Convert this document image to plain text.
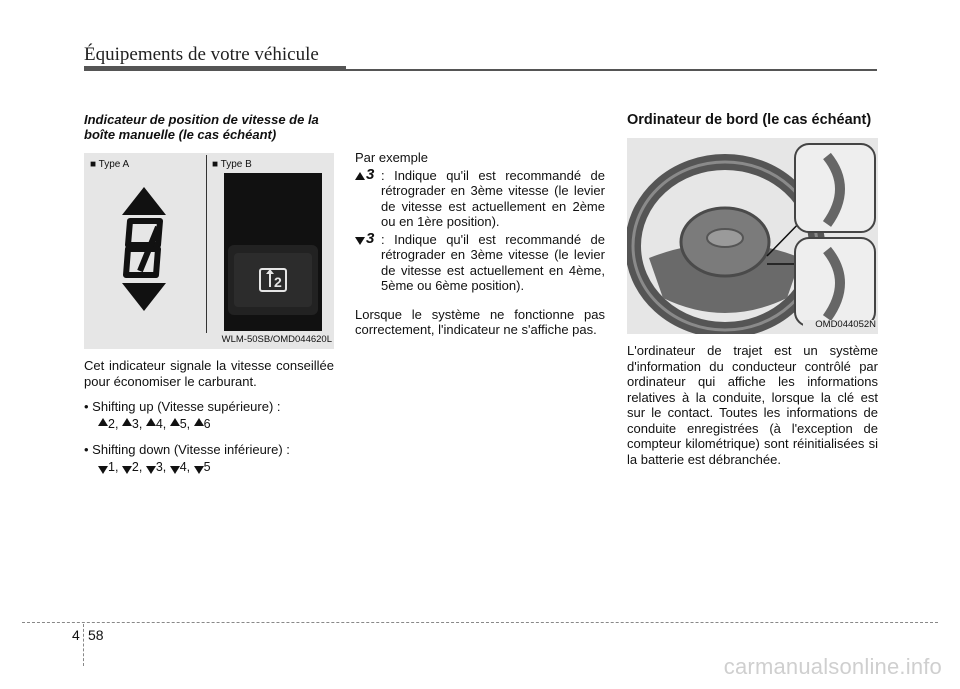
Équipements de votre véhicule
Indicateur de position de vitesse de la boîte manuelle (le cas échéant)
■ Type A	■ Type B
2
WLM-50SB/OMD044620L

Cet indicateur signale la vitesse conseillée pour économiser le carburant.

• Shifting up (Vitesse supérieure) :
2, 3, 4, 5, 6
• Shifting down (Vitesse inférieure) :
1, 2, 3, 4, 5
Par exemple
3 : Indique qu'il est recommandé de rétrograder en 3ème vitesse (le levier de vitesse est actuellement en 2ème ou en 1ère position).
3 : Indique qu'il est recommandé de rétrograder en 3ème vitesse (le levier de vitesse est actuellement en 4ème, 5ème ou 6ème position).

Lorsque le système ne fonctionne pas correctement, l'indicateur ne s'affiche pas.

Ordinateur de bord (le cas échéant)
OMD044052N

L'ordinateur de trajet est un système d'information du conducteur contrôlé par ordinateur qui affiche les informations relatives à la conduite, lorsque la clé est sur le contact. Toutes les informations de conduite enregistrées (à l'exception de compteur kilométrique) sont réinitialisées si la batterie est débranchée.

4 58
carmanualsonline.info
